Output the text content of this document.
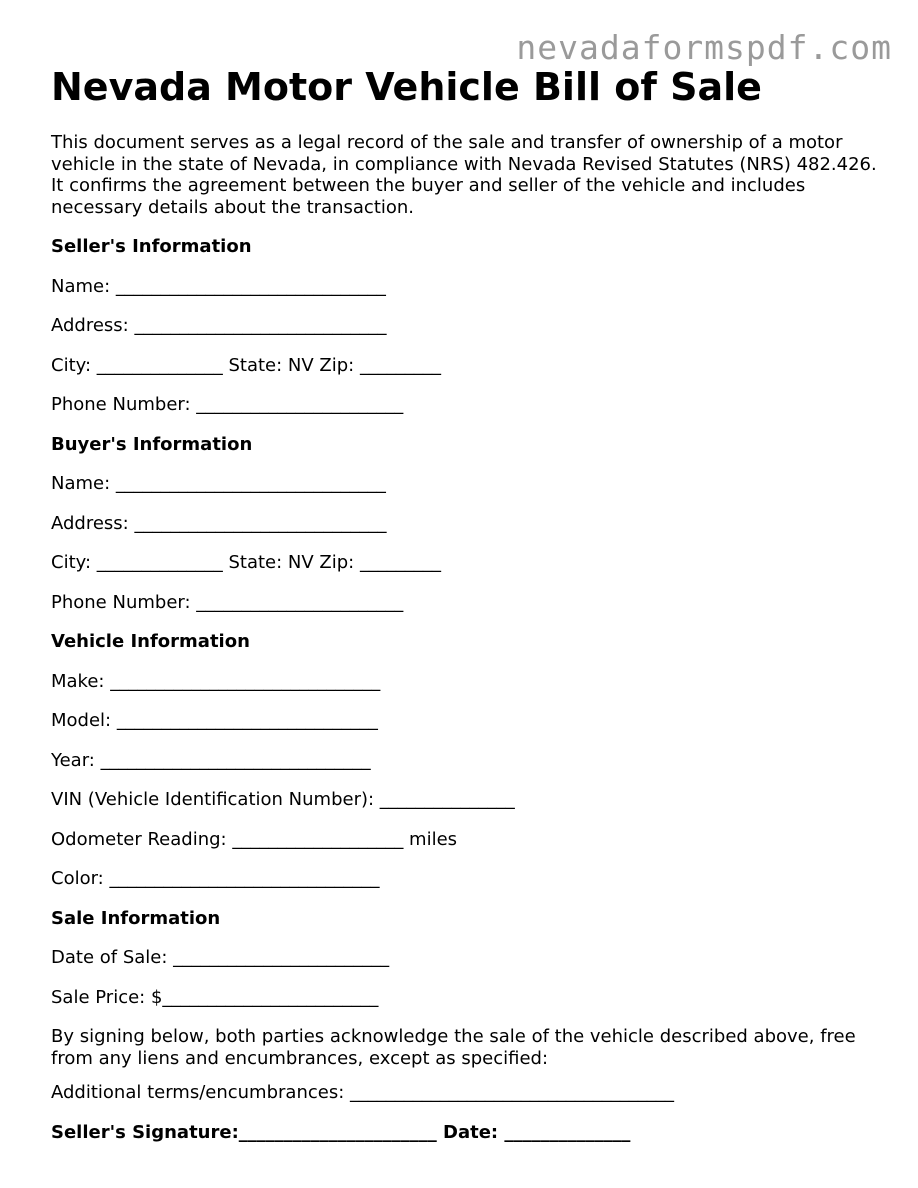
nevadaformspdf.com
Nevada Motor Vehicle Bill of Sale

This document serves as a legal record of the sale and transfer of ownership of a motor vehicle in the state of Nevada, in compliance with Nevada Revised Statutes (NRS) 482.426. It confirms the agreement between the buyer and seller of the vehicle and includes necessary details about the transaction.

Seller's Information
Name: ______________________________
Address: ____________________________
City: ______________ State: NV Zip: _________
Phone Number: _______________________
Buyer's Information
Name: ______________________________
Address: ____________________________
City: ______________ State: NV Zip: _________
Phone Number: _______________________
Vehicle Information
Make: ______________________________
Model: _____________________________
Year: ______________________________
VIN (Vehicle Identification Number): _______________
Odometer Reading: ___________________ miles
Color: ______________________________
Sale Information
Date of Sale: ________________________
Sale Price: $________________________

By signing below, both parties acknowledge the sale of the vehicle described above, free from any liens and encumbrances, except as specified:

Additional terms/encumbrances: ____________________________________
Seller's Signature:______________________ Date: ______________
